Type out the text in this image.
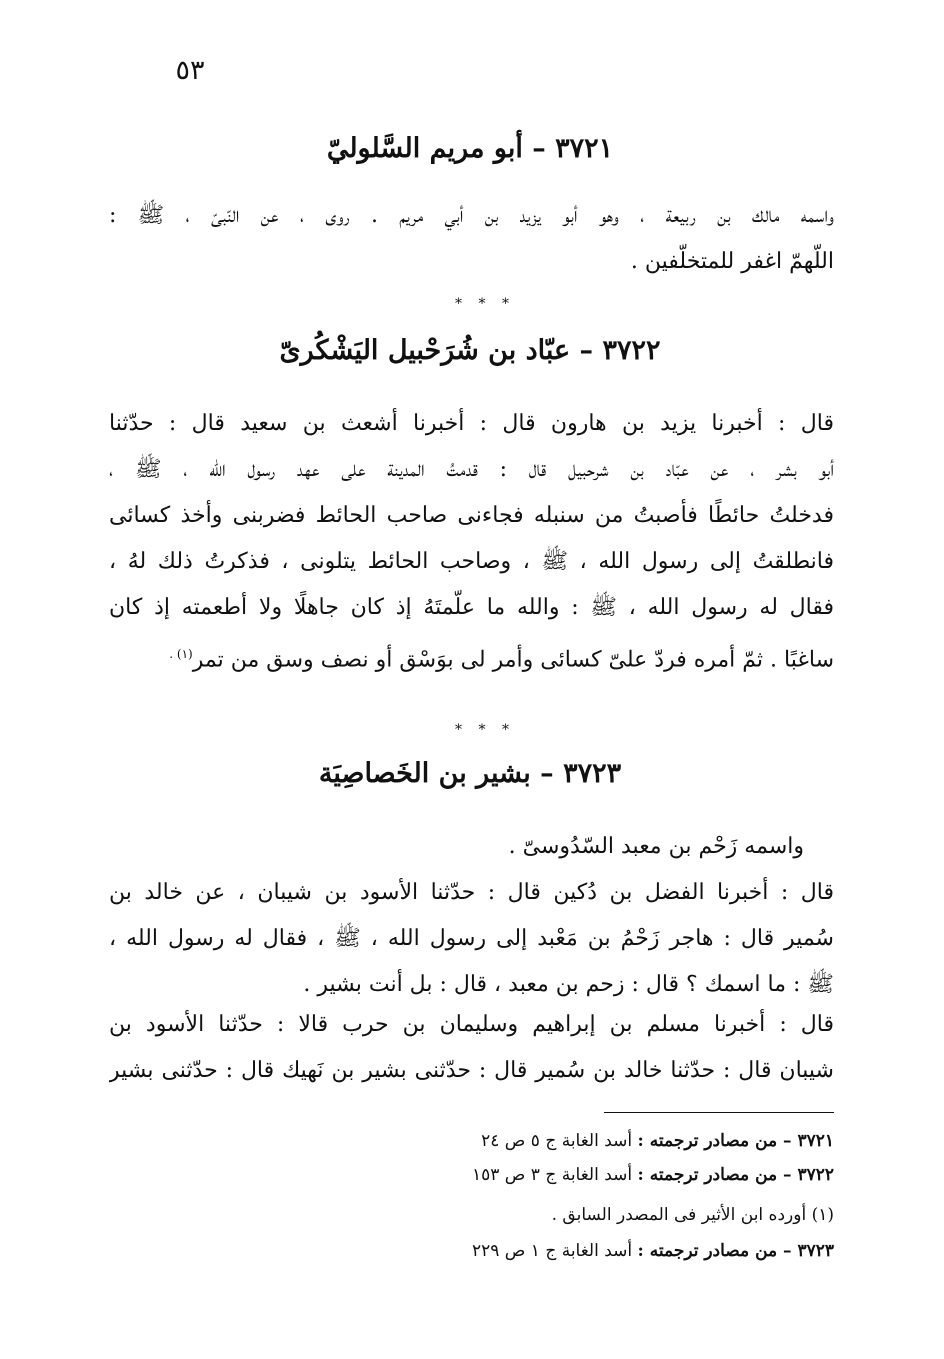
٥٣
٣٧٢١ – أبو مريم السَّلوليّ
واسمه مالك بن ربيعة ، وهو أبو يزيد بن أبي مريم . روى ، عن النّبىّ ، ﷺ :
اللّهمّ اغفر للمتخلّفين .
* * *
٣٧٢٢ – عبّاد بن شُرَحْبيل اليَشْكُرىّ
قال : أخبرنا يزيد بن هارون قال : أخبرنا أشعث بن سعيد قال : حدّثنا
أبو بشر ، عن عبّاد بن شرحبيل قال : قدمتُ المدينة على عهد رسول الله ، ﷺ ،
فدخلتُ حائطًا فأصبتُ من سنبله فجاءنى صاحب الحائط فضربنى وأخذ كسائى
فانطلقتُ إلى رسول الله ، ﷺ ، وصاحب الحائط يتلونى ، فذكرتُ ذلك لهُ ،
فقال له رسول الله ، ﷺ : والله ما علّمتَهُ إذ كان جاهلًا ولا أطعمته إذ كان
ساغبًا . ثمّ أمره فردّ علىّ كسائى وأمر لى بوَسْق أو نصف وسق من تمر$^{(١) .}$
* * *
٣٧٢٣ – بشير بن الخَصاصِيَة
واسمه زَحْم بن معبد السّدُوسىّ .
قال : أخبرنا الفضل بن دُكين قال : حدّثنا الأسود بن شيبان ، عن خالد بن
سُمير قال : هاجر زَحْمُ بن مَعْبد إلى رسول الله ، ﷺ ، فقال له رسول الله ،
ﷺ : ما اسمك ؟ قال : زحم بن معبد ، قال : بل أنت بشير .
قال : أخبرنا مسلم بن إبراهيم وسليمان بن حرب قالا : حدّثنا الأسود بن
شيبان قال : حدّثنا خالد بن سُمير قال : حدّثنى بشير بن نَهيك قال : حدّثنى بشير
٣٧٢١ – من مصادر ترجمته : أسد الغابة ج ٥ ص ٢٤
٣٧٢٢ – من مصادر ترجمته : أسد الغابة ج ٣ ص ١٥٣
(١) أورده ابن الأثير فى المصدر السابق .
٣٧٢٣ – من مصادر ترجمته : أسد الغابة ج ١ ص ٢٢٩
